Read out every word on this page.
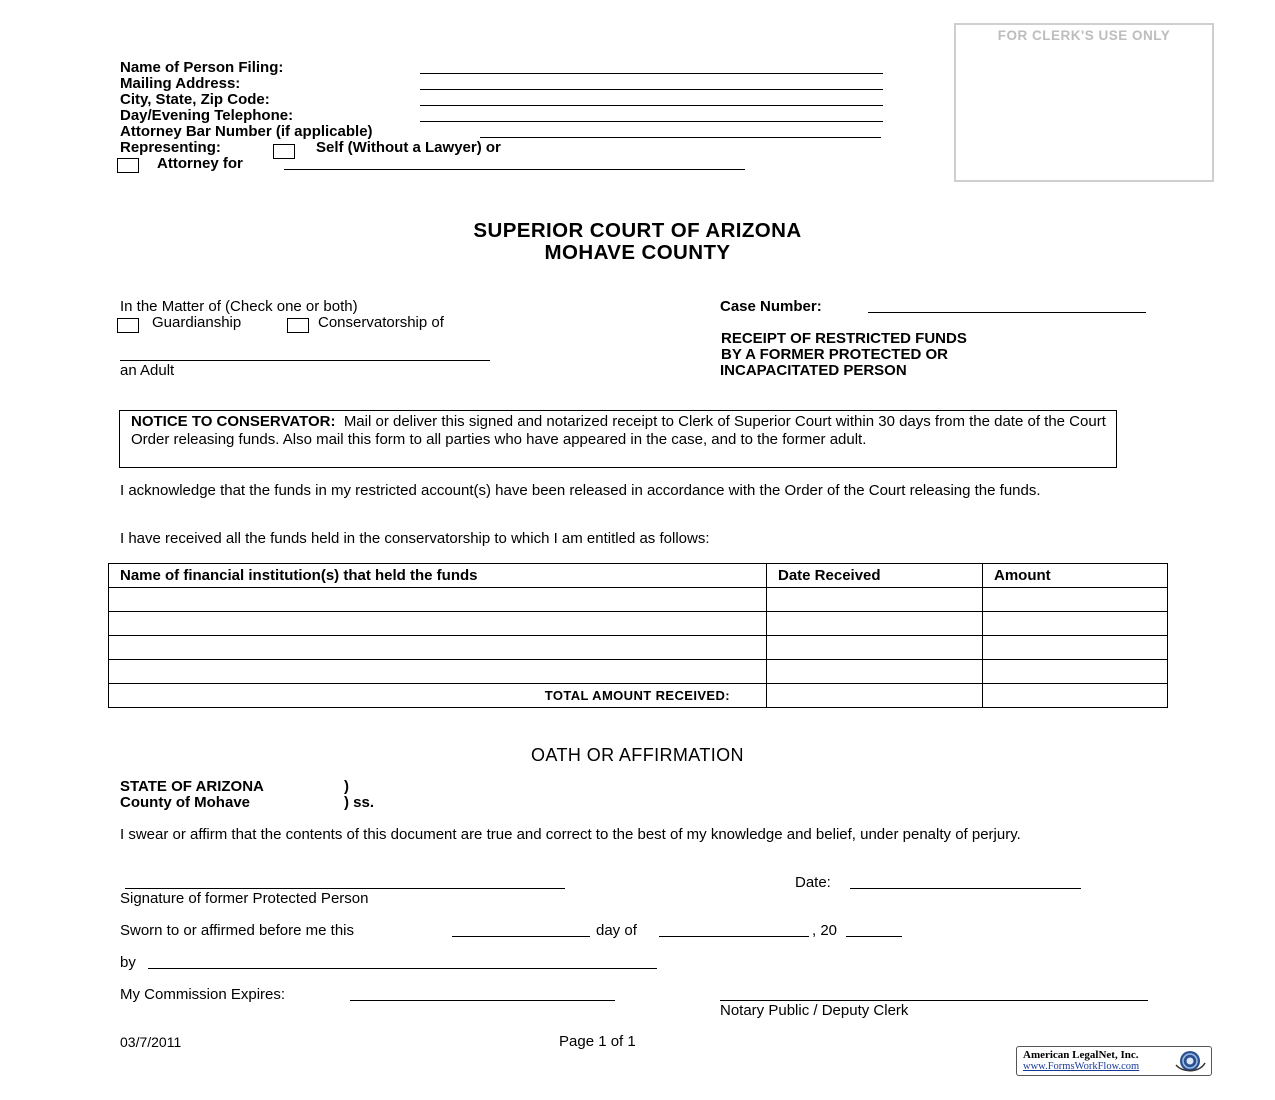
FOR CLERK'S USE ONLY
Name of Person Filing:
Mailing Address:
City, State, Zip Code:
Day/Evening Telephone:
Attorney Bar Number (if applicable)
Representing:	Self (Without a Lawyer) or
Attorney for
SUPERIOR COURT OF ARIZONA
MOHAVE COUNTY
In the Matter of (Check one or both)
Guardianship	Conservatorship of
an Adult
Case Number:
RECEIPT OF RESTRICTED FUNDS
BY A FORMER PROTECTED OR
INCAPACITATED PERSON
NOTICE TO CONSERVATOR: Mail or deliver this signed and notarized receipt to Clerk of Superior Court within 30 days from the date of the Court Order releasing funds. Also mail this form to all parties who have appeared in the case, and to the former adult.
I acknowledge that the funds in my restricted account(s) have been released in accordance with the Order of the Court releasing the funds.
I have received all the funds held in the conservatorship to which I am entitled as follows:
Name of financial institution(s) that held the funds	Date Received	Amount

TOTAL AMOUNT RECEIVED:		
OATH OR AFFIRMATION
STATE OF ARIZONA	)
County of Mohave	) ss.
I swear or affirm that the contents of this document are true and correct to the best of my knowledge and belief, under penalty of perjury.
Signature of former Protected Person
Date:
Sworn to or affirmed before me this	day of	, 20
by
My Commission Expires:
Notary Public / Deputy Clerk
03/7/2011	Page 1 of 1
American LegalNet, Inc.
www.FormsWorkFlow.com
